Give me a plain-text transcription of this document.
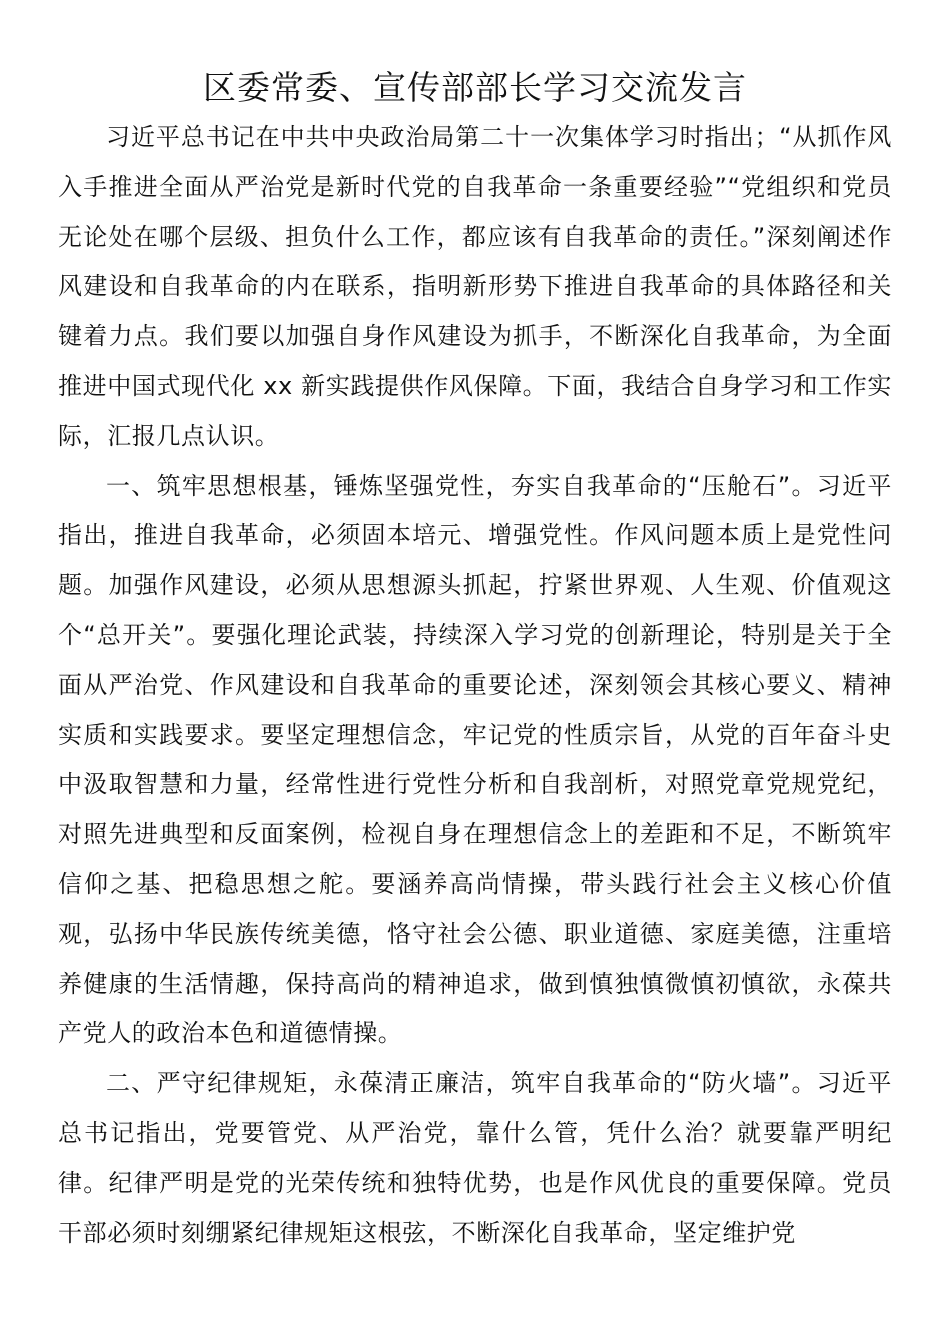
区委常委、宣传部部长学习交流发言

习近平总书记在中共中央政治局第二十一次集体学习时指出；“从抓作风入手推进全面从严治党是新时代党的自我革命一条重要经验”“党组织和党员无论处在哪个层级、担负什么工作，都应该有自我革命的责任。”深刻阐述作风建设和自我革命的内在联系，指明新形势下推进自我革命的具体路径和关键着力点。我们要以加强自身作风建设为抓手，不断深化自我革命，为全面推进中国式现代化 xx 新实践提供作风保障。下面，我结合自身学习和工作实际，汇报几点认识。

一、筑牢思想根基，锤炼坚强党性，夯实自我革命的“压舱石”。习近平指出，推进自我革命，必须固本培元、增强党性。作风问题本质上是党性问题。加强作风建设，必须从思想源头抓起，拧紧世界观、人生观、价值观这个“总开关”。要强化理论武装，持续深入学习党的创新理论，特别是关于全面从严治党、作风建设和自我革命的重要论述，深刻领会其核心要义、精神实质和实践要求。要坚定理想信念，牢记党的性质宗旨，从党的百年奋斗史中汲取智慧和力量，经常性进行党性分析和自我剖析，对照党章党规党纪，对照先进典型和反面案例，检视自身在理想信念上的差距和不足，不断筑牢信仰之基、把稳思想之舵。要涵养高尚情操，带头践行社会主义核心价值观，弘扬中华民族传统美德，恪守社会公德、职业道德、家庭美德，注重培养健康的生活情趣，保持高尚的精神追求，做到慎独慎微慎初慎欲，永葆共产党人的政治本色和道德情操。

二、严守纪律规矩，永葆清正廉洁，筑牢自我革命的“防火墙”。习近平总书记指出，党要管党、从严治党，靠什么管，凭什么治？就要靠严明纪律。纪律严明是党的光荣传统和独特优势，也是作风优良的重要保障。党员干部必须时刻绷紧纪律规矩这根弦，不断深化自我革命，坚定维护党
